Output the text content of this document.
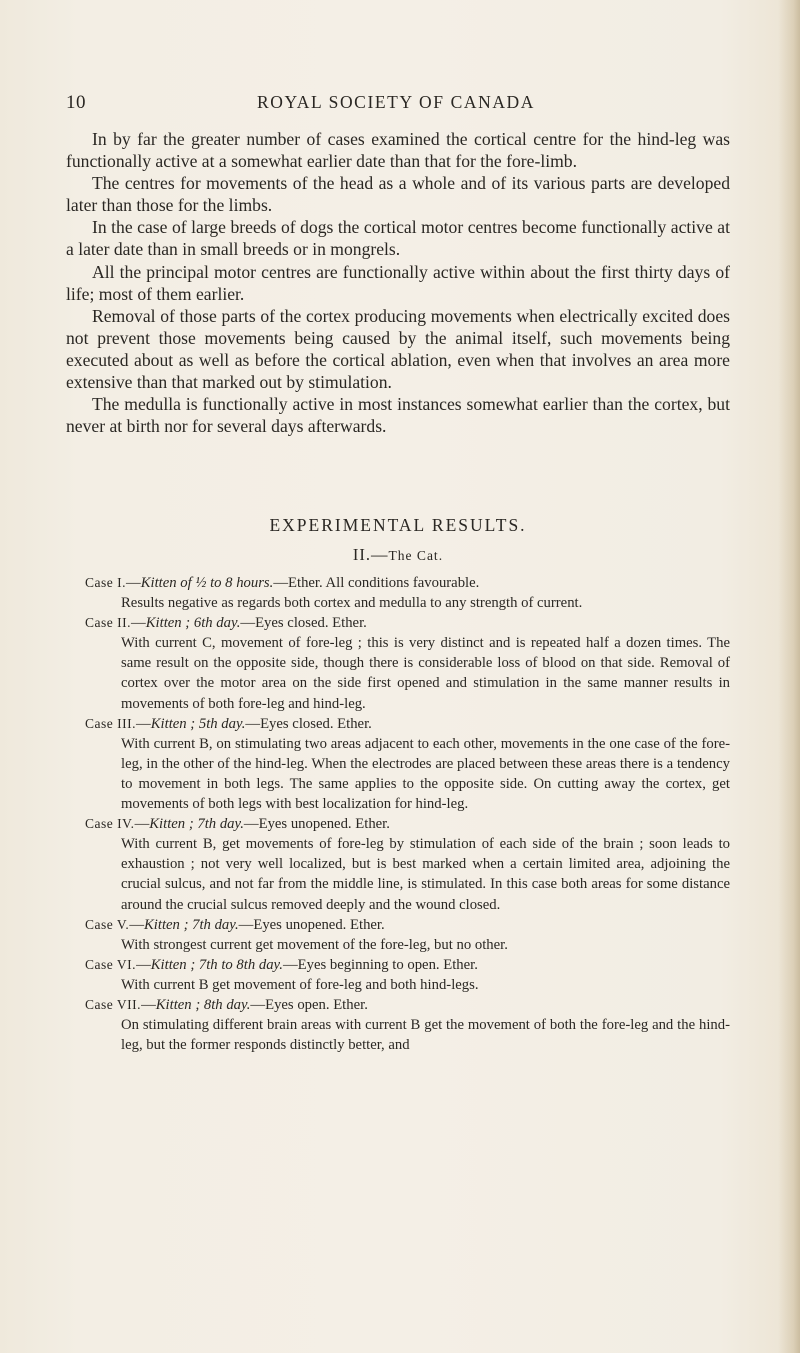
10	ROYAL SOCIETY OF CANADA

In by far the greater number of cases examined the cortical centre for the hind-leg was functionally active at a somewhat earlier date than that for the fore-limb.

The centres for movements of the head as a whole and of its various parts are developed later than those for the limbs.

In the case of large breeds of dogs the cortical motor centres become functionally active at a later date than in small breeds or in mongrels.

All the principal motor centres are functionally active within about the first thirty days of life; most of them earlier.

Removal of those parts of the cortex producing movements when electrically excited does not prevent those movements being caused by the animal itself, such movements being executed about as well as before the cortical ablation, even when that involves an area more extensive than that marked out by stimulation.

The medulla is functionally active in most instances somewhat earlier than the cortex, but never at birth nor for several days afterwards.

EXPERIMENTAL RESULTS.
II.—The Cat.

Case I.—Kitten of ½ to 8 hours.—Ether. All conditions favourable.
Results negative as regards both cortex and medulla to any strength of current.

Case II.—Kitten ; 6th day.—Eyes closed. Ether.
With current C, movement of fore-leg ; this is very distinct and is repeated half a dozen times. The same result on the opposite side, though there is considerable loss of blood on that side. Removal of cortex over the motor area on the side first opened and stimulation in the same manner results in movements of both fore-leg and hind-leg.

Case III.—Kitten ; 5th day.—Eyes closed. Ether.
With current B, on stimulating two areas adjacent to each other, movements in the one case of the fore-leg, in the other of the hind-leg. When the electrodes are placed between these areas there is a tendency to movement in both legs. The same applies to the opposite side. On cutting away the cortex, get movements of both legs with best localization for hind-leg.

Case IV.—Kitten ; 7th day.—Eyes unopened. Ether.
With current B, get movements of fore-leg by stimulation of each side of the brain ; soon leads to exhaustion ; not very well localized, but is best marked when a certain limited area, adjoining the crucial sulcus, and not far from the middle line, is stimulated. In this case both areas for some distance around the crucial sulcus removed deeply and the wound closed.

Case V.—Kitten ; 7th day.—Eyes unopened. Ether.
With strongest current get movement of the fore-leg, but no other.

Case VI.—Kitten ; 7th to 8th day.—Eyes beginning to open. Ether.
With current B get movement of fore-leg and both hind-legs.

Case VII.—Kitten ; 8th day.—Eyes open. Ether.
On stimulating different brain areas with current B get the movement of both the fore-leg and the hind-leg, but the former responds distinctly better, and
